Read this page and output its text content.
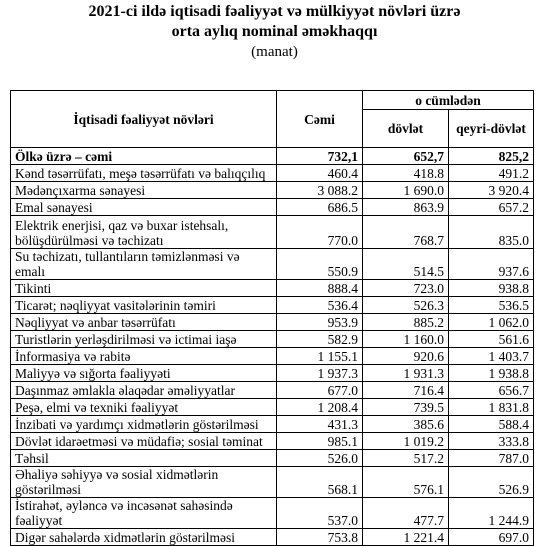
2021-ci ildə iqtisadi fəaliyyət və mülkiyyət növləri üzrə
orta aylıq nominal əməkhaqqı
(manat)
İqtisadi fəaliyyət növləri	Cəmi	o cümlədən	
		dövlət	qeyri-dövlət
Ölkə üzrə – cəmi	732,1	652,7	825,2
Kənd təsərrüfatı, meşə təsərrüfatı və balıqçılıq	460.4	418.8	491.2
Mədənçıxarma sənayesi	3 088.2	1 690.0	3 920.4
Emal sənayesi	686.5	863.9	657.2
Elektrik enerjisi, qaz və buxar istehsalı, bölüşdürülməsi və təchizatı	770.0	768.7	835.0
Su təchizatı, tullantıların təmizlənməsi və emalı	550.9	514.5	937.6
Tikinti	888.4	723.0	938.8
Ticarət; nəqliyyat vasitələrinin təmiri	536.4	526.3	536.5
Nəqliyyat və anbar təsərrüfatı	953.9	885.2	1 062.0
Turistlərin yerləşdirilməsi və ictimai iaşə	582.9	1 160.0	561.6
İnformasiya və rabitə	1 155.1	920.6	1 403.7
Maliyyə və sığorta fəaliyyəti	1 937.3	1 931.3	1 938.8
Daşınmaz əmlakla əlaqədar əməliyyatlar	677.0	716.4	656.7
Peşə, elmi və texniki fəaliyyət	1 208.4	739.5	1 831.8
İnzibati və yardımçı xidmətlərin göstərilməsi	431.3	385.6	588.4
Dövlət idarəetməsi və müdafiə; sosial təminat	985.1	1 019.2	333.8
Təhsil	526.0	517.2	787.0
Əhaliyə səhiyyə və sosial xidmətlərin göstərilməsi	568.1	576.1	526.9
İstirahət, əyləncə və incəsənət sahəsində fəaliyyət	537.0	477.7	1 244.9
Digər sahələrdə xidmətlərin göstərilməsi	753.8	1 221.4	697.0
